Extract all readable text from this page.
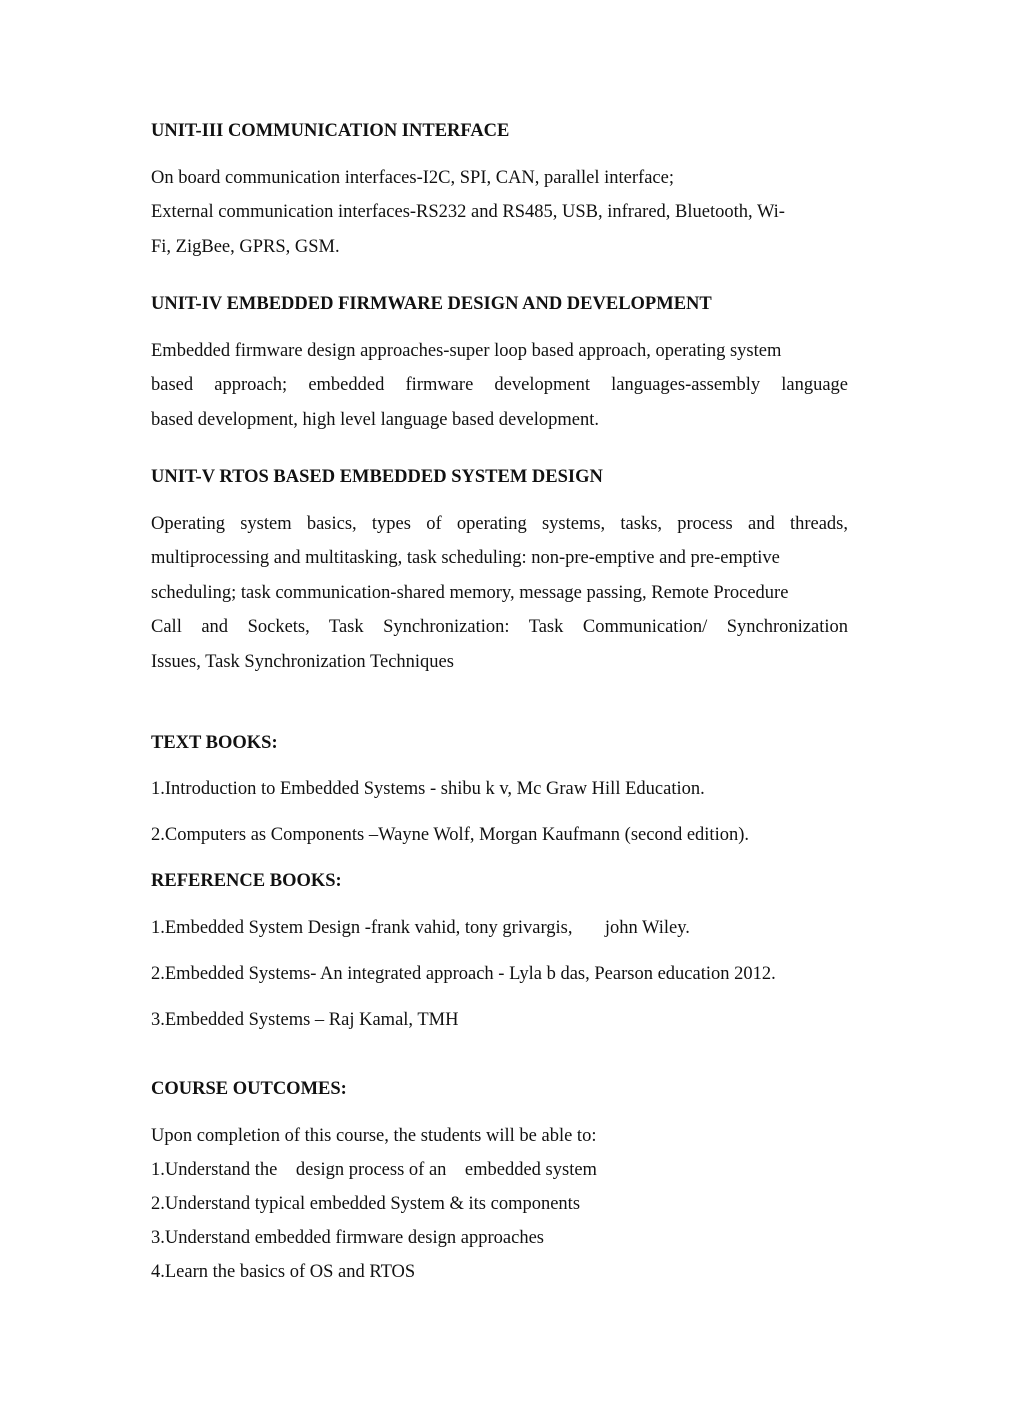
UNIT-III COMMUNICATION INTERFACE
On board communication interfaces-I2C, SPI, CAN, parallel interface;
External communication interfaces-RS232 and RS485, USB, infrared, Bluetooth, Wi-
Fi, ZigBee, GPRS, GSM.
UNIT-IV EMBEDDED FIRMWARE DESIGN AND DEVELOPMENT
Embedded firmware design approaches-super loop based approach, operating system
based approach; embedded firmware development languages-assembly language
based development, high level language based development.
UNIT-V RTOS BASED EMBEDDED SYSTEM DESIGN
Operating system basics, types of operating systems, tasks, process and threads,
multiprocessing and multitasking, task scheduling: non-pre-emptive and pre-emptive
scheduling; task communication-shared memory, message passing, Remote Procedure
Call and Sockets, Task Synchronization: Task Communication/ Synchronization
Issues, Task Synchronization Techniques
TEXT BOOKS:
1.Introduction to Embedded Systems - shibu k v, Mc Graw Hill Education.
2.Computers as Components –Wayne Wolf, Morgan Kaufmann (second edition).
REFERENCE BOOKS:
1.Embedded System Design -frank vahid, tony grivargis,       john Wiley.
2.Embedded Systems- An integrated approach - Lyla b das, Pearson education 2012.
3.Embedded Systems – Raj Kamal, TMH
COURSE OUTCOMES:
Upon completion of this course, the students will be able to:
1.Understand the    design process of an    embedded system
2.Understand typical embedded System & its components
3.Understand embedded firmware design approaches
4.Learn the basics of OS and RTOS
